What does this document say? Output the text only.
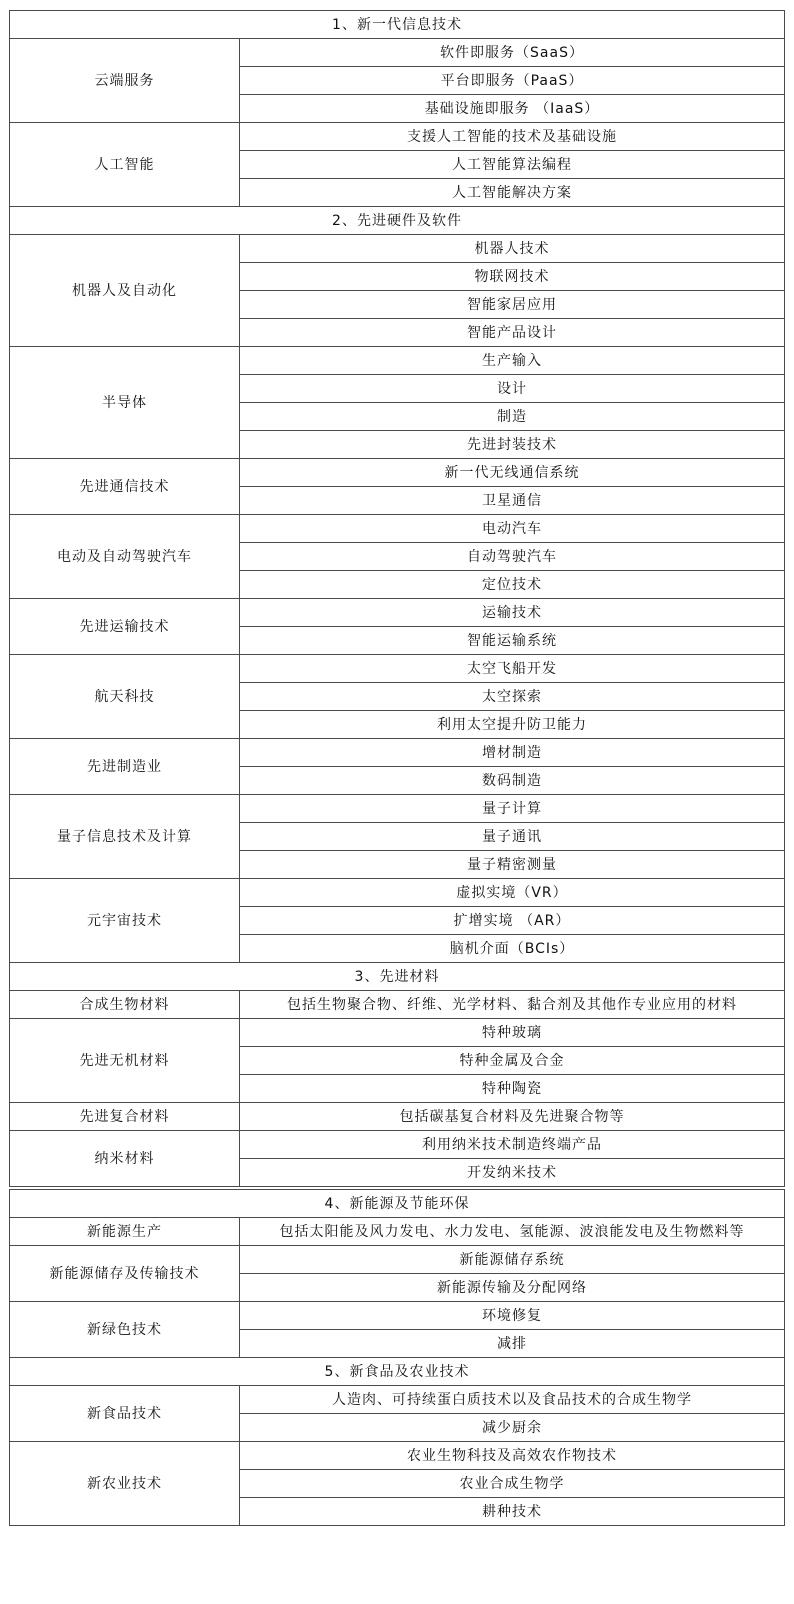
1、新一代信息技术	
云端服务	软件即服务（SaaS）
	平台即服务（PaaS）
	基础设施即服务 （IaaS）
人工智能	支援人工智能的技术及基础设施
	人工智能算法编程
	人工智能解决方案
2、先进硬件及软件	
机器人及自动化	机器人技术
	物联网技术
	智能家居应用
	智能产品设计
半导体	生产输入
	设计
	制造
	先进封装技术
先进通信技术	新一代无线通信系统
	卫星通信
电动及自动驾驶汽车	电动汽车
	自动驾驶汽车
	定位技术
先进运输技术	运输技术
	智能运输系统
航天科技	太空飞船开发
	太空探索
	利用太空提升防卫能力
先进制造业	增材制造
	数码制造
量子信息技术及计算	量子计算
	量子通讯
	量子精密测量
元宇宙技术	虚拟实境（VR）
	扩增实境 （AR）
	脑机介面（BCIs）
3、先进材料	
合成生物材料	包括生物聚合物、纤维、光学材料、黏合剂及其他作专业应用的材料
先进无机材料	特种玻璃
	特种金属及合金
	特种陶瓷
先进复合材料	包括碳基复合材料及先进聚合物等
纳米材料	利用纳米技术制造终端产品
	开发纳米技术
4、新能源及节能环保	
新能源生产	包括太阳能及风力发电、水力发电、氢能源、波浪能发电及生物燃料等
新能源储存及传输技术	新能源储存系统
	新能源传输及分配网络
新绿色技术	环境修复
	减排
5、新食品及农业技术	
新食品技术	人造肉、可持续蛋白质技术以及食品技术的合成生物学
	减少厨余
新农业技术	农业生物科技及高效农作物技术
	农业合成生物学
	耕种技术
